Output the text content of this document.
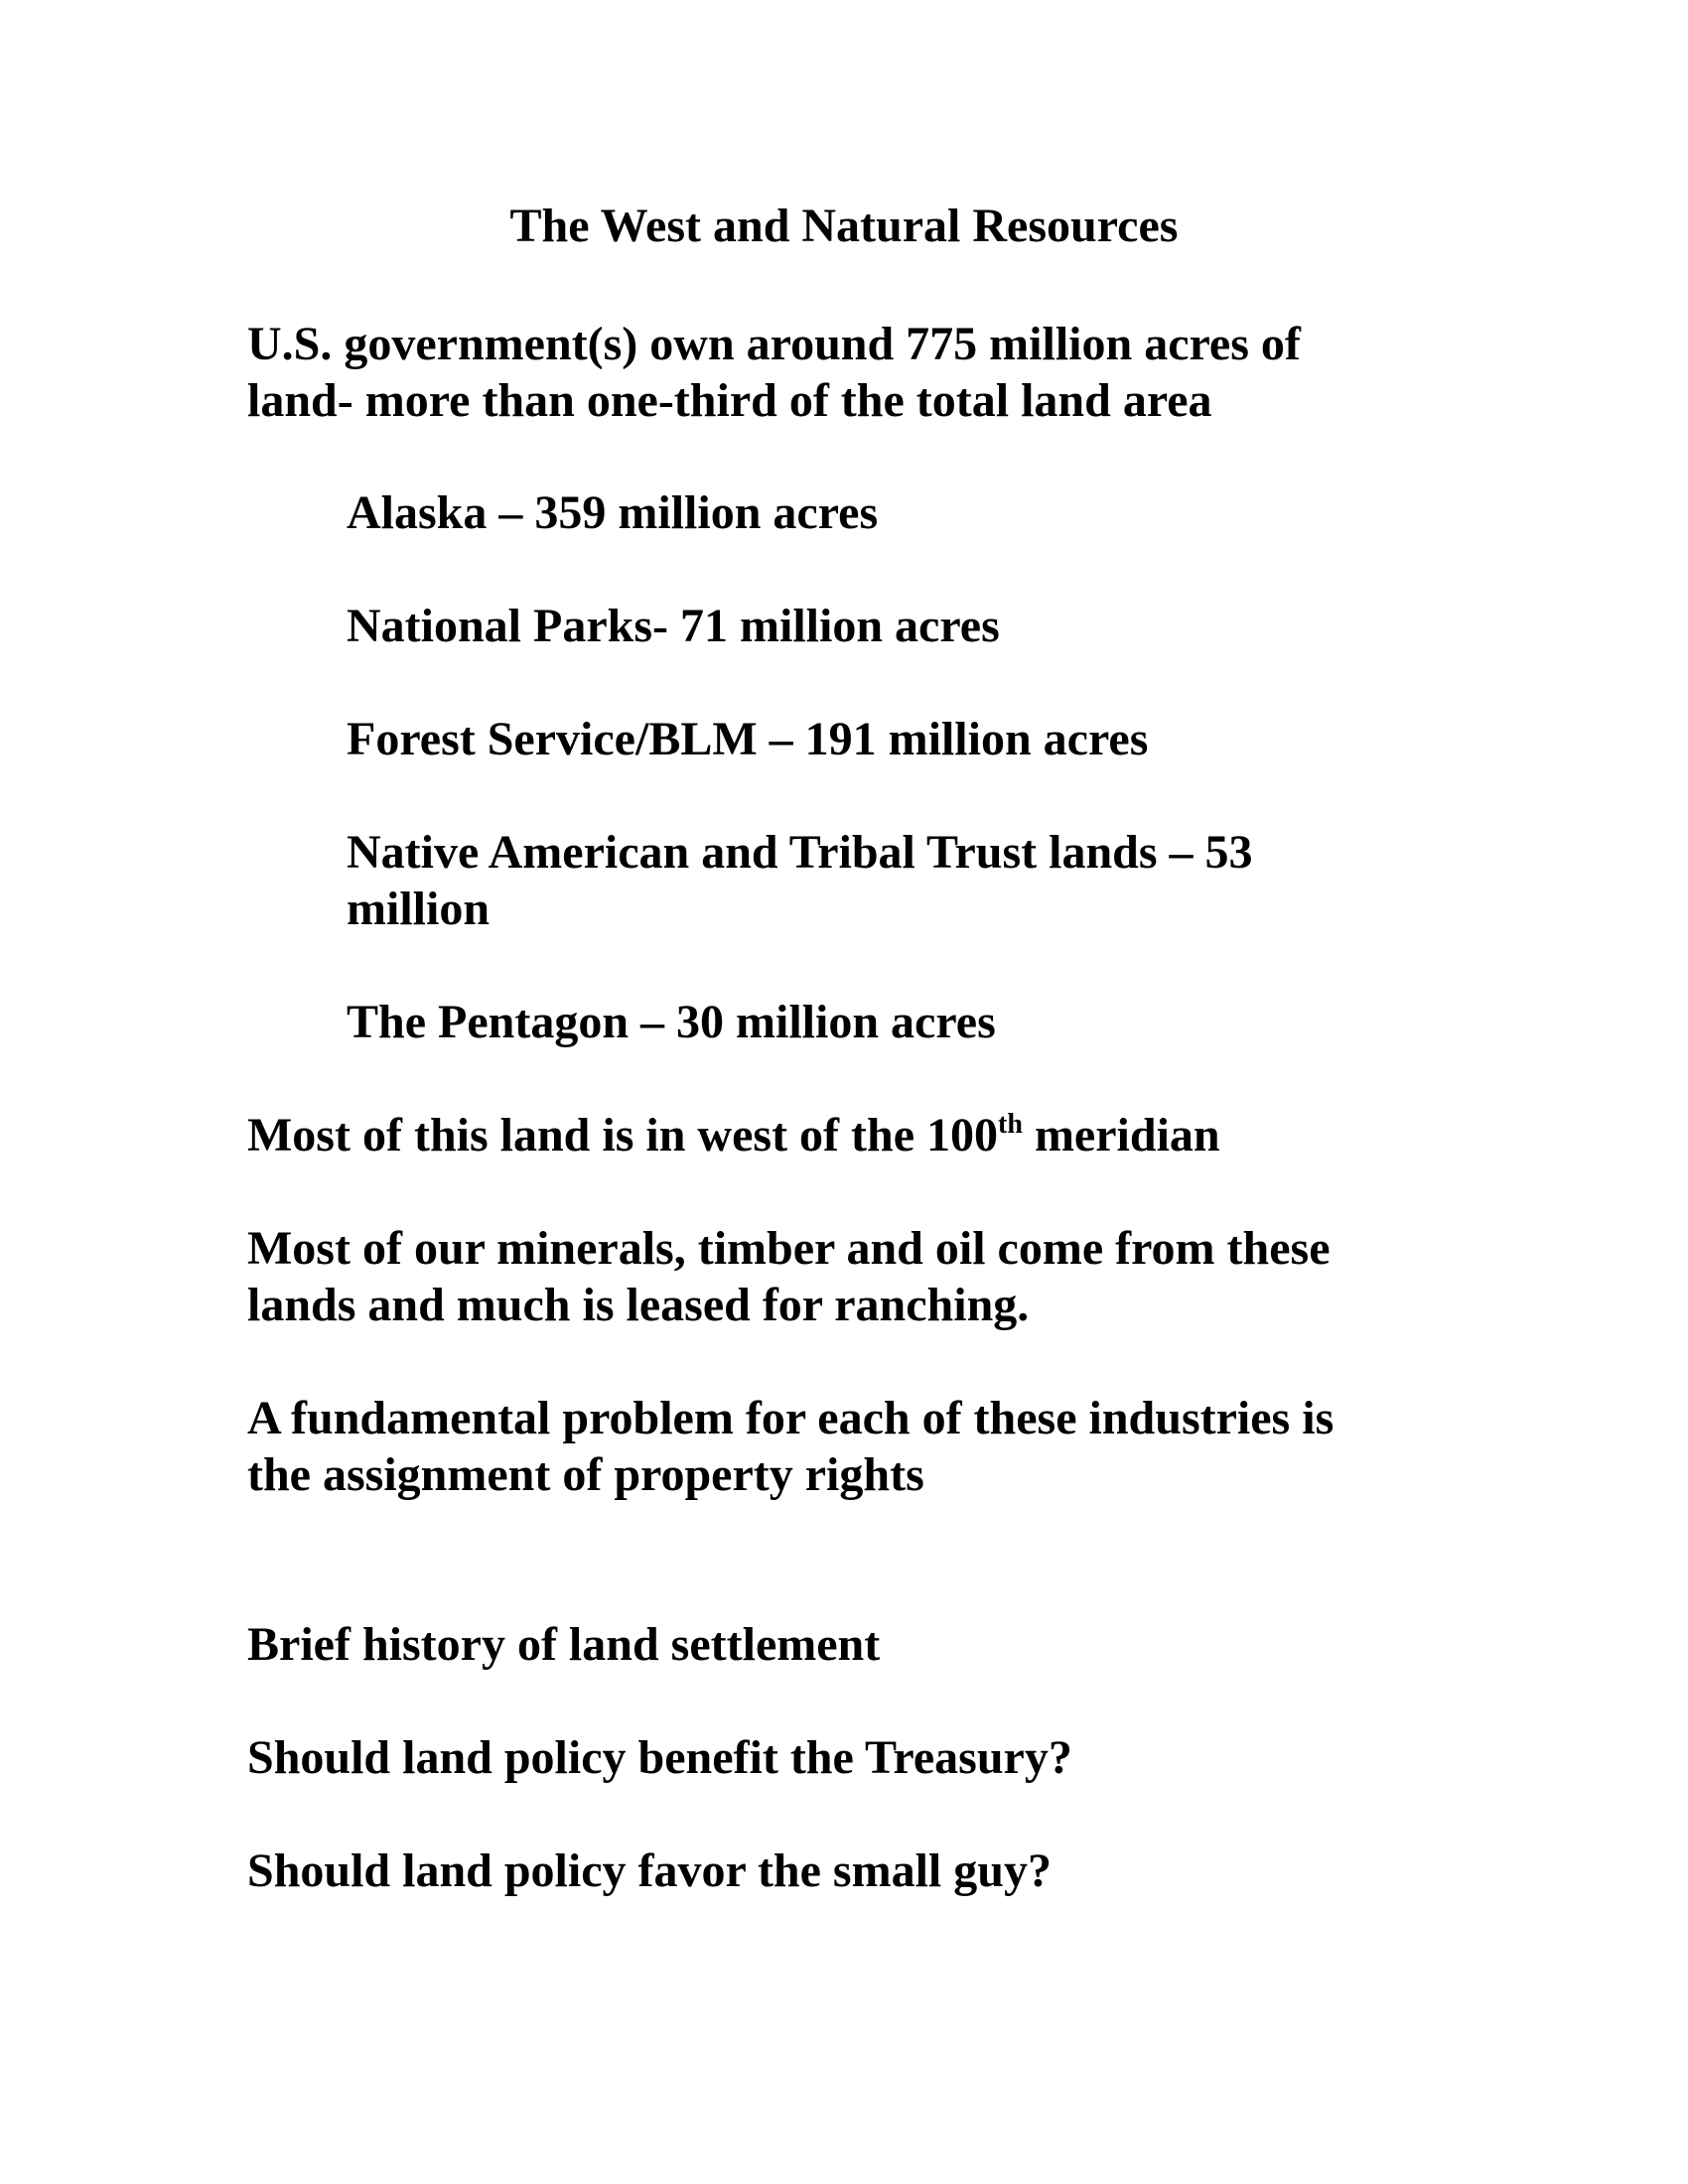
The West and Natural Resources
U.S. government(s) own around 775 million acres of
land- more than one-third of the total land area
Alaska – 359 million acres
National Parks- 71 million acres
Forest Service/BLM – 191 million acres
Native American and Tribal Trust lands – 53
million
The Pentagon – 30 million acres
Most of this land is in west of the 100th meridian
Most of our minerals, timber and oil come from these
lands and much is leased for ranching.
A fundamental problem for each of these industries is
the assignment of property rights
Brief history of land settlement
Should land policy benefit the Treasury?
Should land policy favor the small guy?
